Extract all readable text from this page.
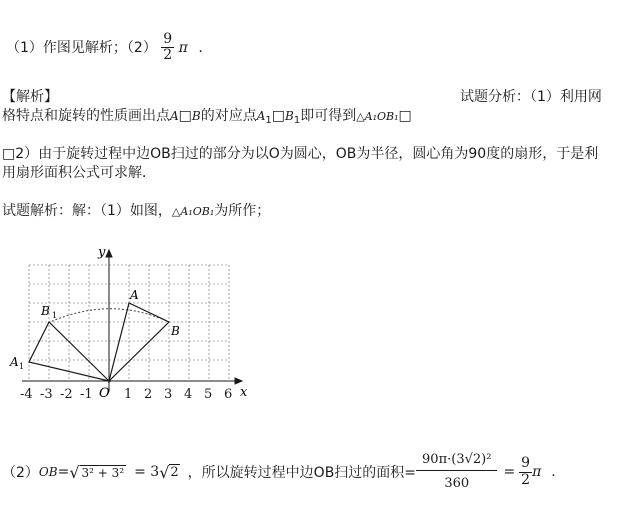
（1）作图见解析；$(2) \frac{9}{2}$ π .
【解析】	试题分析：（1）利用网
格特点和旋转的性质画出点A□B的对应点$A_1□B_1$即可得到△A₁OB₁□
□2）由于旋转过程中边OB扫过的部分为以O为圆心，OB为半径，圆心角为90度的扇形，于是利
用扇形面积公式可求解．
试题解析：解：（1）如图，△A₁OB₁为所作；
y
x
O
-4 -3 -2 -1 1 2 3 4 5 6
A
B
B 1
A 1
（2） OB = √ 3² + 3² = 3 √ 2 ，所以旋转过程中边OB扫过的面积= $\frac{\text{90π·(3√2)²}}{360} = \frac{9}{2}$ π .
